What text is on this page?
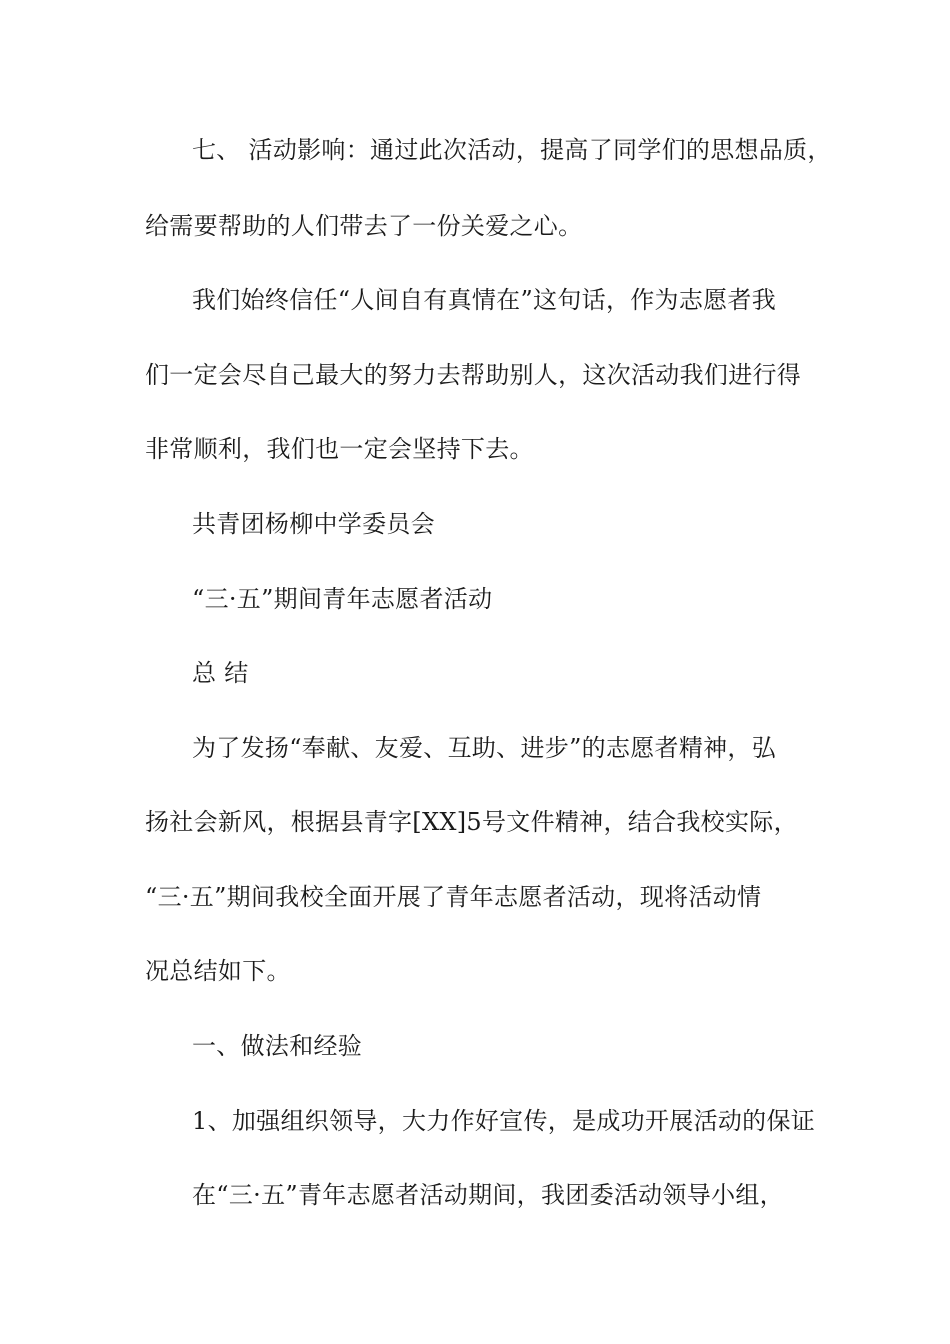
七、 活动影响：通过此次活动，提高了同学们的思想品质，
给需要帮助的人们带去了一份关爱之心。
我们始终信任“人间自有真情在”这句话，作为志愿者我
们一定会尽自己最大的努力去帮助别人，这次活动我们进行得
非常顺利，我们也一定会坚持下去。
共青团杨柳中学委员会
“三·五”期间青年志愿者活动
总 结
为了发扬“奉献、友爱、互助、进步”的志愿者精神，弘
扬社会新风，根据县青字[XX]5号文件精神，结合我校实际，
“三·五”期间我校全面开展了青年志愿者活动，现将活动情
况总结如下。
一、做法和经验
1、加强组织领导，大力作好宣传，是成功开展活动的保证
在“三·五”青年志愿者活动期间，我团委活动领导小组，
